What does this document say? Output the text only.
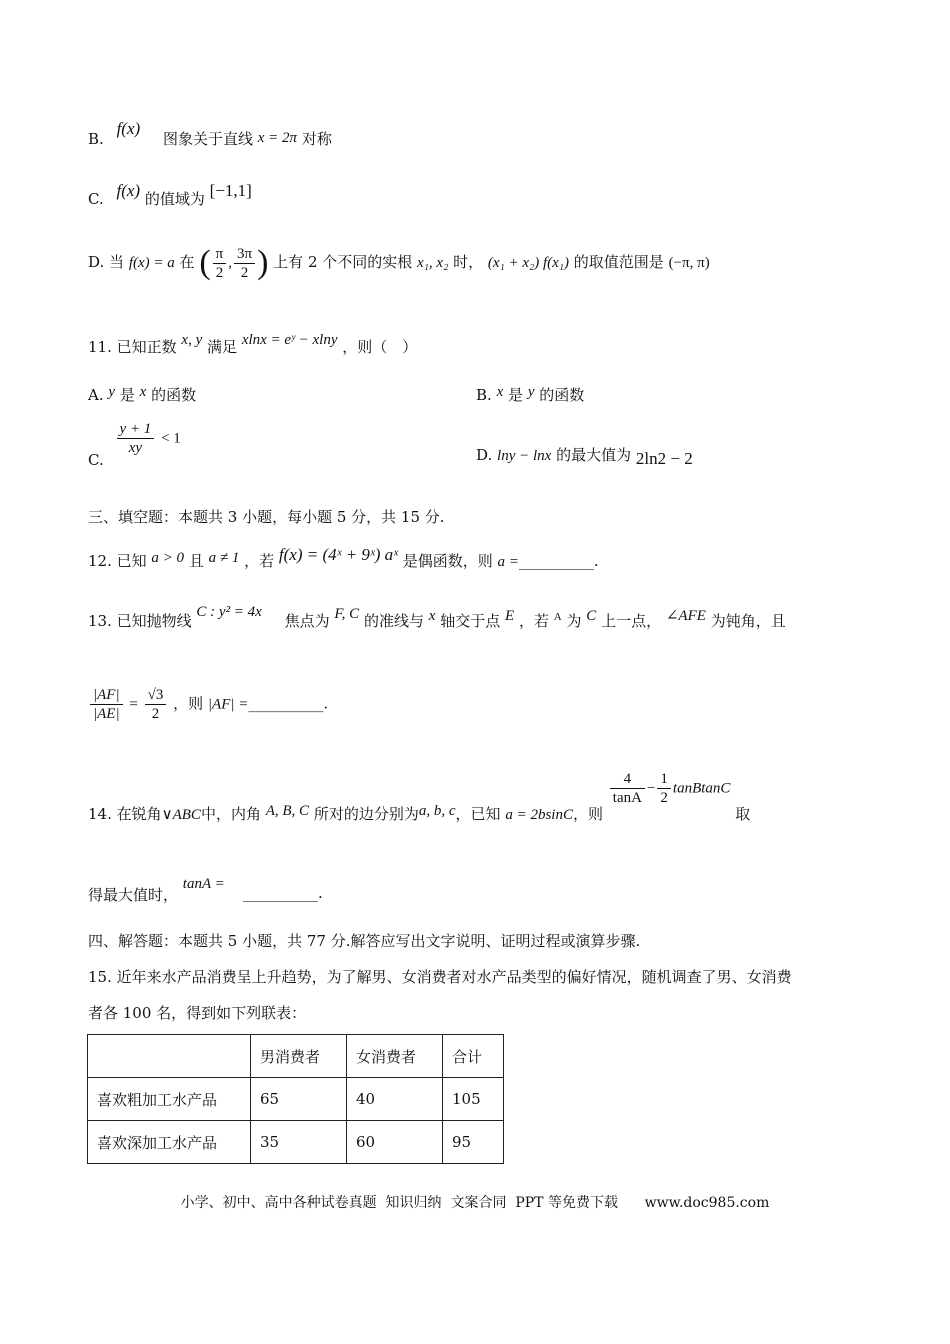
B. f(x) 图象关于直线 x = 2π 对称
C. f(x) 的值域为 [−1,1]
D. 当 f(x) = a 在 ( $\frac{\pi}{2}$ , $\frac{3\pi}{2}$ ) 上有 2 个不同的实根 x₁, x₂ 时， (x₁ + x₂) f(x₁) 的取值范围是 (−π, π)
11. 已知正数 x, y 满足 xlnx = eʸ − xlny ，则（　）
A. y 是 x 的函数	B. x 是 y 的函数
C.
$\frac{y + 1}{xy} < 1$
D. lny − lnx 的最大值为 2ln2 − 2
三、填空题：本题共 3 小题，每小题 5 分，共 15 分.
12. 已知 a > 0 且 a ≠ 1 ，若 f(x) = (4ˣ + 9ˣ) aˣ 是偶函数，则 a =__________.
13. 已知抛物线 C : y² = 4x 焦点为 F, C 的准线与 x 轴交于点 E ，若 $^A$ 为 C 上一点， ∠AFE 为钝角，且
$\frac{|AF|}{|AE|} = \frac{√3}{2}$ ，则 |AF| =__________.
14. 在锐角∨ABC中，内角 A, B, C 所对的边分别为a, b, c，已知 a = 2bsinC，则
$\frac{4}{\tan A} - \frac{1}{2}$ tanBtanC 取
得最大值时， tanA = __________.
四、解答题：本题共 5 小题，共 77 分.解答应写出文字说明、证明过程或演算步骤.
15. 近年来水产品消费呈上升趋势，为了解男、女消费者对水产品类型的偏好情况，随机调查了男、女消费
者各 100 名，得到如下列联表：
	男消费者	女消费者	合计
喜欢粗加工水产品	65	40	105
喜欢深加工水产品	35	60	95
小学、初中、高中各种试卷真题  知识归纳  文案合同  PPT 等免费下载      www.doc985.com
